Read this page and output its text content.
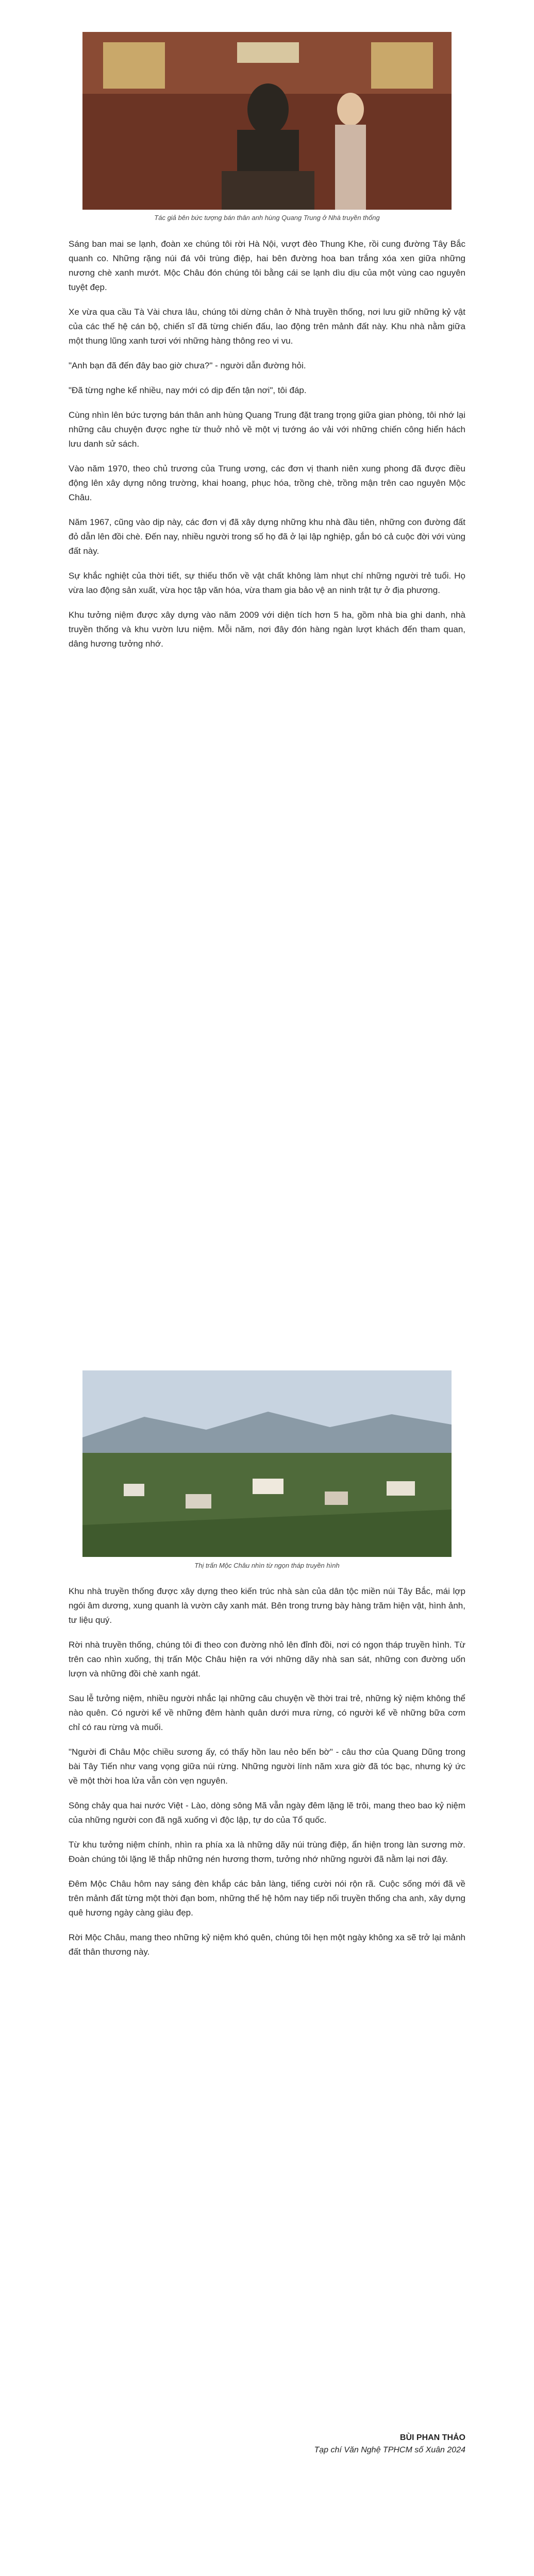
Tác giả bên bức tượng bán thân anh hùng Quang Trung ở Nhà truyền thống

Sáng ban mai se lạnh, đoàn xe chúng tôi rời Hà Nội, vượt đèo Thung Khe, rồi cung đường Tây Bắc quanh co. Những rặng núi đá vôi trùng điệp, hai bên đường hoa ban trắng xóa xen giữa những nương chè xanh mướt. Mộc Châu đón chúng tôi bằng cái se lạnh dìu dịu của một vùng cao nguyên tuyệt đẹp.

Xe vừa qua cầu Tà Vài chưa lâu, chúng tôi dừng chân ở Nhà truyền thống, nơi lưu giữ những kỷ vật của các thế hệ cán bộ, chiến sĩ đã từng chiến đấu, lao động trên mảnh đất này. Khu nhà nằm giữa một thung lũng xanh tươi với những hàng thông reo vi vu.

"Anh bạn đã đến đây bao giờ chưa?" - người dẫn đường hỏi.

"Đã từng nghe kể nhiều, nay mới có dịp đến tận nơi", tôi đáp.

Cùng nhìn lên bức tượng bán thân anh hùng Quang Trung đặt trang trọng giữa gian phòng, tôi nhớ lại những câu chuyện được nghe từ thuở nhỏ về một vị tướng áo vải với những chiến công hiển hách lưu danh sử sách.

Vào năm 1970, theo chủ trương của Trung ương, các đơn vị thanh niên xung phong đã được điều động lên xây dựng nông trường, khai hoang, phục hóa, trồng chè, trồng mận trên cao nguyên Mộc Châu.

Năm 1967, cũng vào dịp này, các đơn vị đã xây dựng những khu nhà đầu tiên, những con đường đất đỏ dẫn lên đồi chè. Đến nay, nhiều người trong số họ đã ở lại lập nghiệp, gắn bó cả cuộc đời với vùng đất này.

Sự khắc nghiệt của thời tiết, sự thiếu thốn về vật chất không làm nhụt chí những người trẻ tuổi. Họ vừa lao động sản xuất, vừa học tập văn hóa, vừa tham gia bảo vệ an ninh trật tự ở địa phương.

Khu tưởng niệm được xây dựng vào năm 2009 với diện tích hơn 5 ha, gồm nhà bia ghi danh, nhà truyền thống và khu vườn lưu niệm. Mỗi năm, nơi đây đón hàng ngàn lượt khách đến tham quan, dâng hương tưởng nhớ.

Thị trấn Mộc Châu nhìn từ ngọn tháp truyền hình

Khu nhà truyền thống được xây dựng theo kiến trúc nhà sàn của dân tộc miền núi Tây Bắc, mái lợp ngói âm dương, xung quanh là vườn cây xanh mát. Bên trong trưng bày hàng trăm hiện vật, hình ảnh, tư liệu quý.

Rời nhà truyền thống, chúng tôi đi theo con đường nhỏ lên đỉnh đồi, nơi có ngọn tháp truyền hình. Từ trên cao nhìn xuống, thị trấn Mộc Châu hiện ra với những dãy nhà san sát, những con đường uốn lượn và những đồi chè xanh ngát.

Sau lễ tưởng niệm, nhiều người nhắc lại những câu chuyện về thời trai trẻ, những kỷ niệm không thể nào quên. Có người kể về những đêm hành quân dưới mưa rừng, có người kể về những bữa cơm chỉ có rau rừng và muối.

"Người đi Châu Mộc chiều sương ấy, có thấy hồn lau nẻo bến bờ" - câu thơ của Quang Dũng trong bài Tây Tiến như vang vọng giữa núi rừng. Những người lính năm xưa giờ đã tóc bạc, nhưng ký ức về một thời hoa lửa vẫn còn vẹn nguyên.

Sông chảy qua hai nước Việt - Lào, dòng sông Mã vẫn ngày đêm lặng lẽ trôi, mang theo bao kỷ niệm của những người con đã ngã xuống vì độc lập, tự do của Tổ quốc.

Từ khu tưởng niệm chính, nhìn ra phía xa là những dãy núi trùng điệp, ẩn hiện trong làn sương mờ. Đoàn chúng tôi lặng lẽ thắp những nén hương thơm, tưởng nhớ những người đã nằm lại nơi đây.

Đêm Mộc Châu hôm nay sáng đèn khắp các bản làng, tiếng cười nói rộn rã. Cuộc sống mới đã về trên mảnh đất từng một thời đạn bom, những thế hệ hôm nay tiếp nối truyền thống cha anh, xây dựng quê hương ngày càng giàu đẹp.

Rời Mộc Châu, mang theo những kỷ niệm khó quên, chúng tôi hẹn một ngày không xa sẽ trở lại mảnh đất thân thương này.

BÙI PHAN THẢO
Tạp chí Văn Nghệ TPHCM số Xuân 2024
